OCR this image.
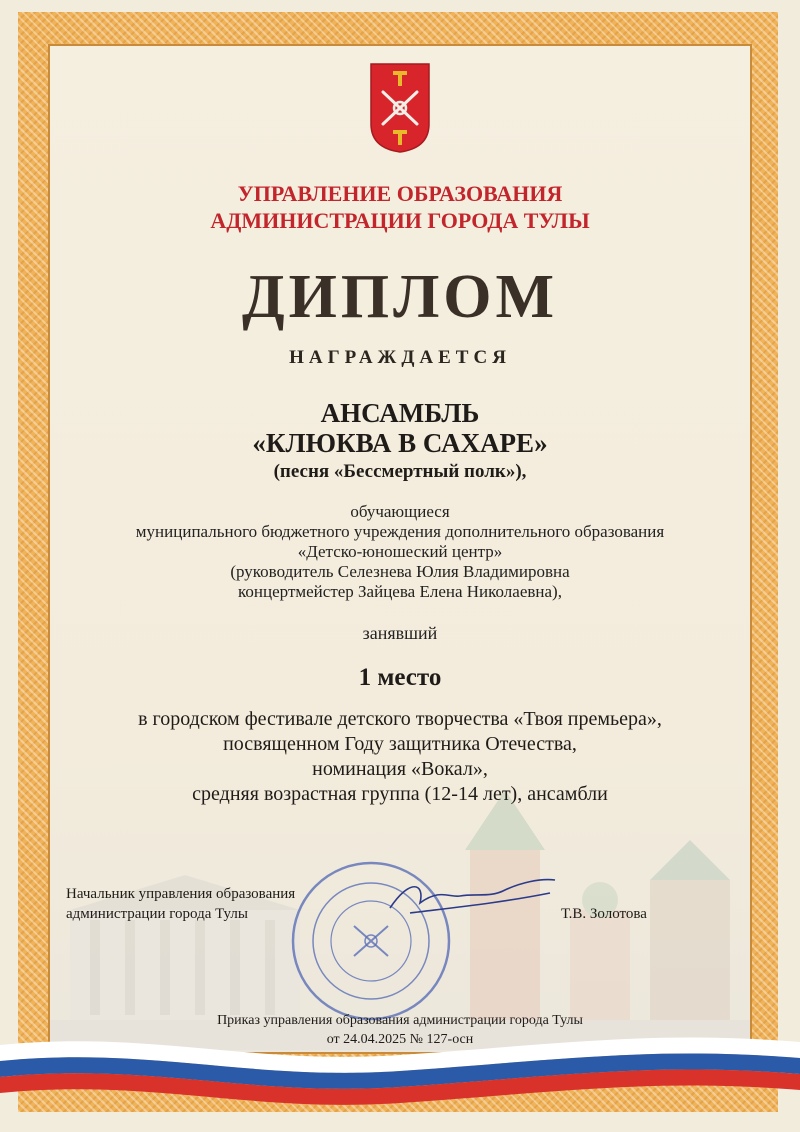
УПРАВЛЕНИЕ ОБРАЗОВАНИЯ

АДМИНИСТРАЦИИ ГОРОДА ТУЛЫ

ДИПЛОМ

НАГРАЖДАЕТСЯ

АНСАМБЛЬ

«КЛЮКВА В САХАРЕ»

(песня «Бессмертный полк»),

обучающиеся

муниципального бюджетного учреждения дополнительного образования

«Детско-юношеский центр»

(руководитель Селезнева Юлия Владимировна

концертмейстер Зайцева Елена Николаевна),

занявший

1 место

в городском фестивале детского творчества «Твоя премьера»,

посвященном Году защитника Отечества,

номинация «Вокал»,

средняя возрастная группа (12-14 лет), ансамбли

Начальник управления образования
администрации города Тулы	Т.В. Золотова

Приказ управления образования администрации города Тулы

от 24.04.2025 № 127-осн
